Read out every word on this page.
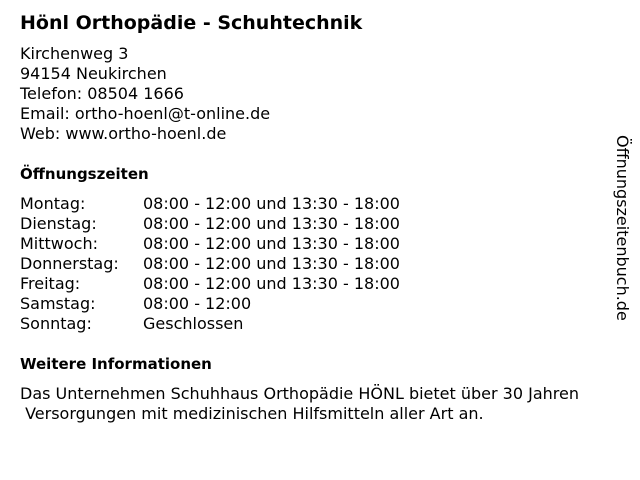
Hönl Orthopädie - Schuhtechnik
Kirchenweg 3
94154 Neukirchen
Telefon: 08504 1666
Email: ortho-hoenl@t-online.de
Web: www.ortho-hoenl.de
Öffnungszeiten
Montag:	08:00 - 12:00 und 13:30 - 18:00
Dienstag:	08:00 - 12:00 und 13:30 - 18:00
Mittwoch:	08:00 - 12:00 und 13:30 - 18:00
Donnerstag: 08:00 - 12:00 und 13:30 - 18:00
Freitag:	08:00 - 12:00 und 13:30 - 18:00
Samstag:	08:00 - 12:00
Sonntag:	Geschlossen
Weitere Informationen
Das Unternehmen Schuhhaus Orthopädie HÖNL bietet über 30 Jahren
Versorgungen mit medizinischen Hilfsmitteln aller Art an.
Öffnungszeitenbuch.de
